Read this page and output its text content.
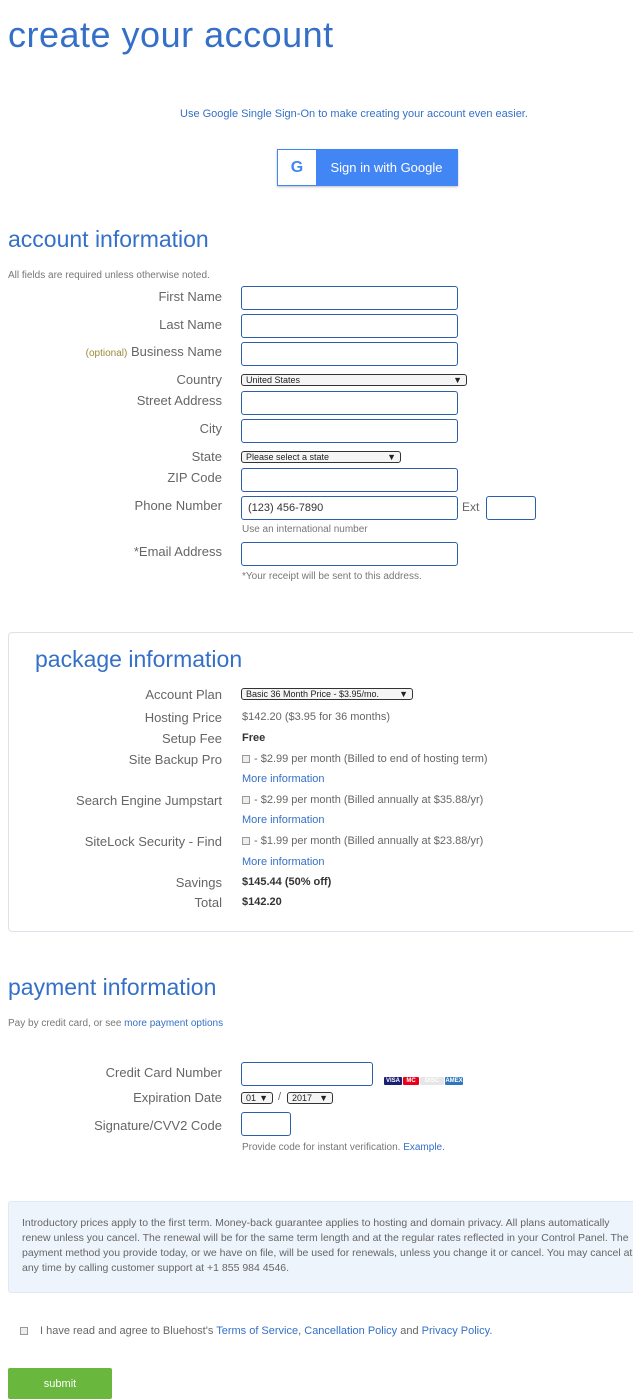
create your account
Use Google Single Sign-On to make creating your account even easier.
G	Sign in with Google
account information
All fields are required unless otherwise noted.
First Name
Last Name
(optional) Business Name
Country	United States	▼
Street Address
City
State	Please select a state	▼
ZIP Code
Phone Number	(123) 456-7890	Ext
Use an international number
*Email Address
*Your receipt will be sent to this address.
package information
Account Plan	Basic 36 Month Price - $3.95/mo. ▼
Hosting Price $142.20 ($3.95 for 36 months)
Setup Fee Free
Site Backup Pro	- $2.99 per month (Billed to end of hosting term)
More information
Search Engine Jumpstart	- $2.99 per month (Billed annually at $35.88/yr)
More information
SiteLock Security - Find	- $1.99 per month (Billed annually at $23.88/yr)
More information
Savings $145.44 (50% off)
Total $142.20
payment information
Pay by credit card, or see more payment options
Credit Card Number
VISA MC DISC AMEX
Expiration Date	01 ▼ / 2017 ▼
Signature/CVV2 Code
Provide code for instant verification. Example.
Introductory prices apply to the first term. Money-back guarantee applies to hosting and domain privacy. All plans automatically renew unless you cancel. The renewal will be for the same term length and at the regular rates reflected in your Control Panel. The payment method you provide today, or we have on file, will be used for renewals, unless you change it or cancel. You may cancel at any time by calling customer support at +1 855 984 4546.
I have read and agree to Bluehost's Terms of Service, Cancellation Policy and Privacy Policy.
submit
